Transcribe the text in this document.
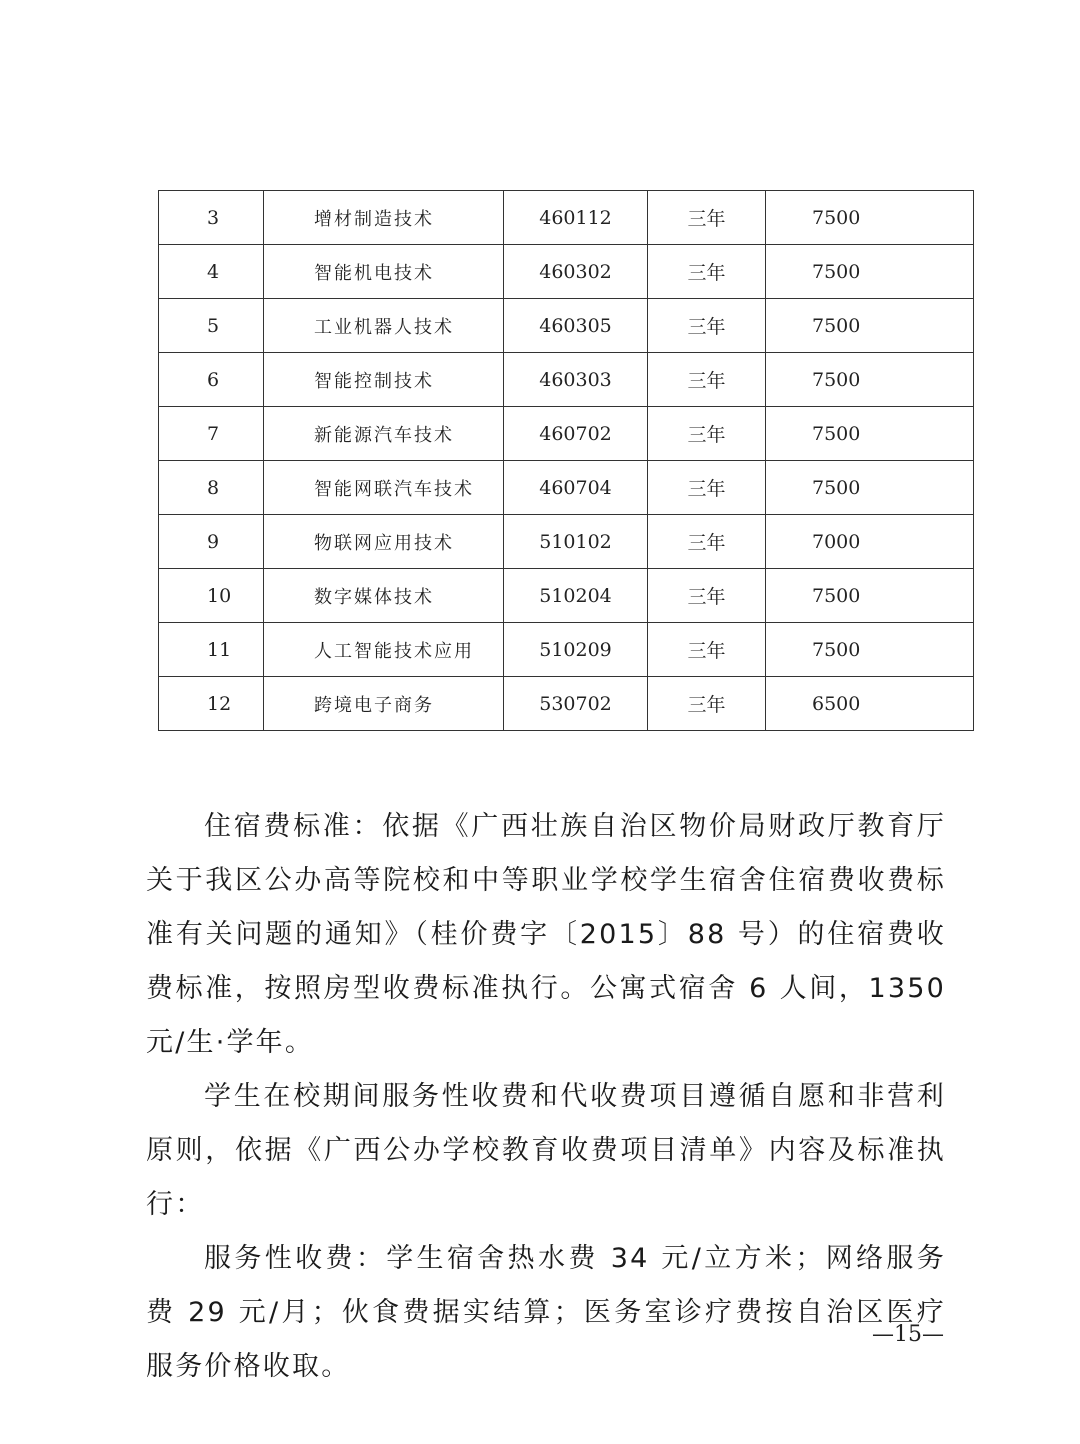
3	增材制造技术	460112	三年	7500
4	智能机电技术	460302	三年	7500
5	工业机器人技术	460305	三年	7500
6	智能控制技术	460303	三年	7500
7	新能源汽车技术	460702	三年	7500
8	智能网联汽车技术	460704	三年	7500
9	物联网应用技术	510102	三年	7000
10	数字媒体技术	510204	三年	7500
11	人工智能技术应用	510209	三年	7500
12	跨境电子商务	530702	三年	6500

住宿费标准：依据《广西壮族自治区物价局财政厅教育厅关于我区公办高等院校和中等职业学校学生宿舍住宿费收费标准有关问题的通知》（桂价费字〔2015〕88 号）的住宿费收费标准，按照房型收费标准执行。公寓式宿舍 6 人间，1350 元/生·学年。

学生在校期间服务性收费和代收费项目遵循自愿和非营利原则，依据《广西公办学校教育收费项目清单》内容及标准执行：

服务性收费：学生宿舍热水费 34 元/立方米；网络服务费 29 元/月；伙食费据实结算；医务室诊疗费按自治区医疗服务价格收取。

—15—
